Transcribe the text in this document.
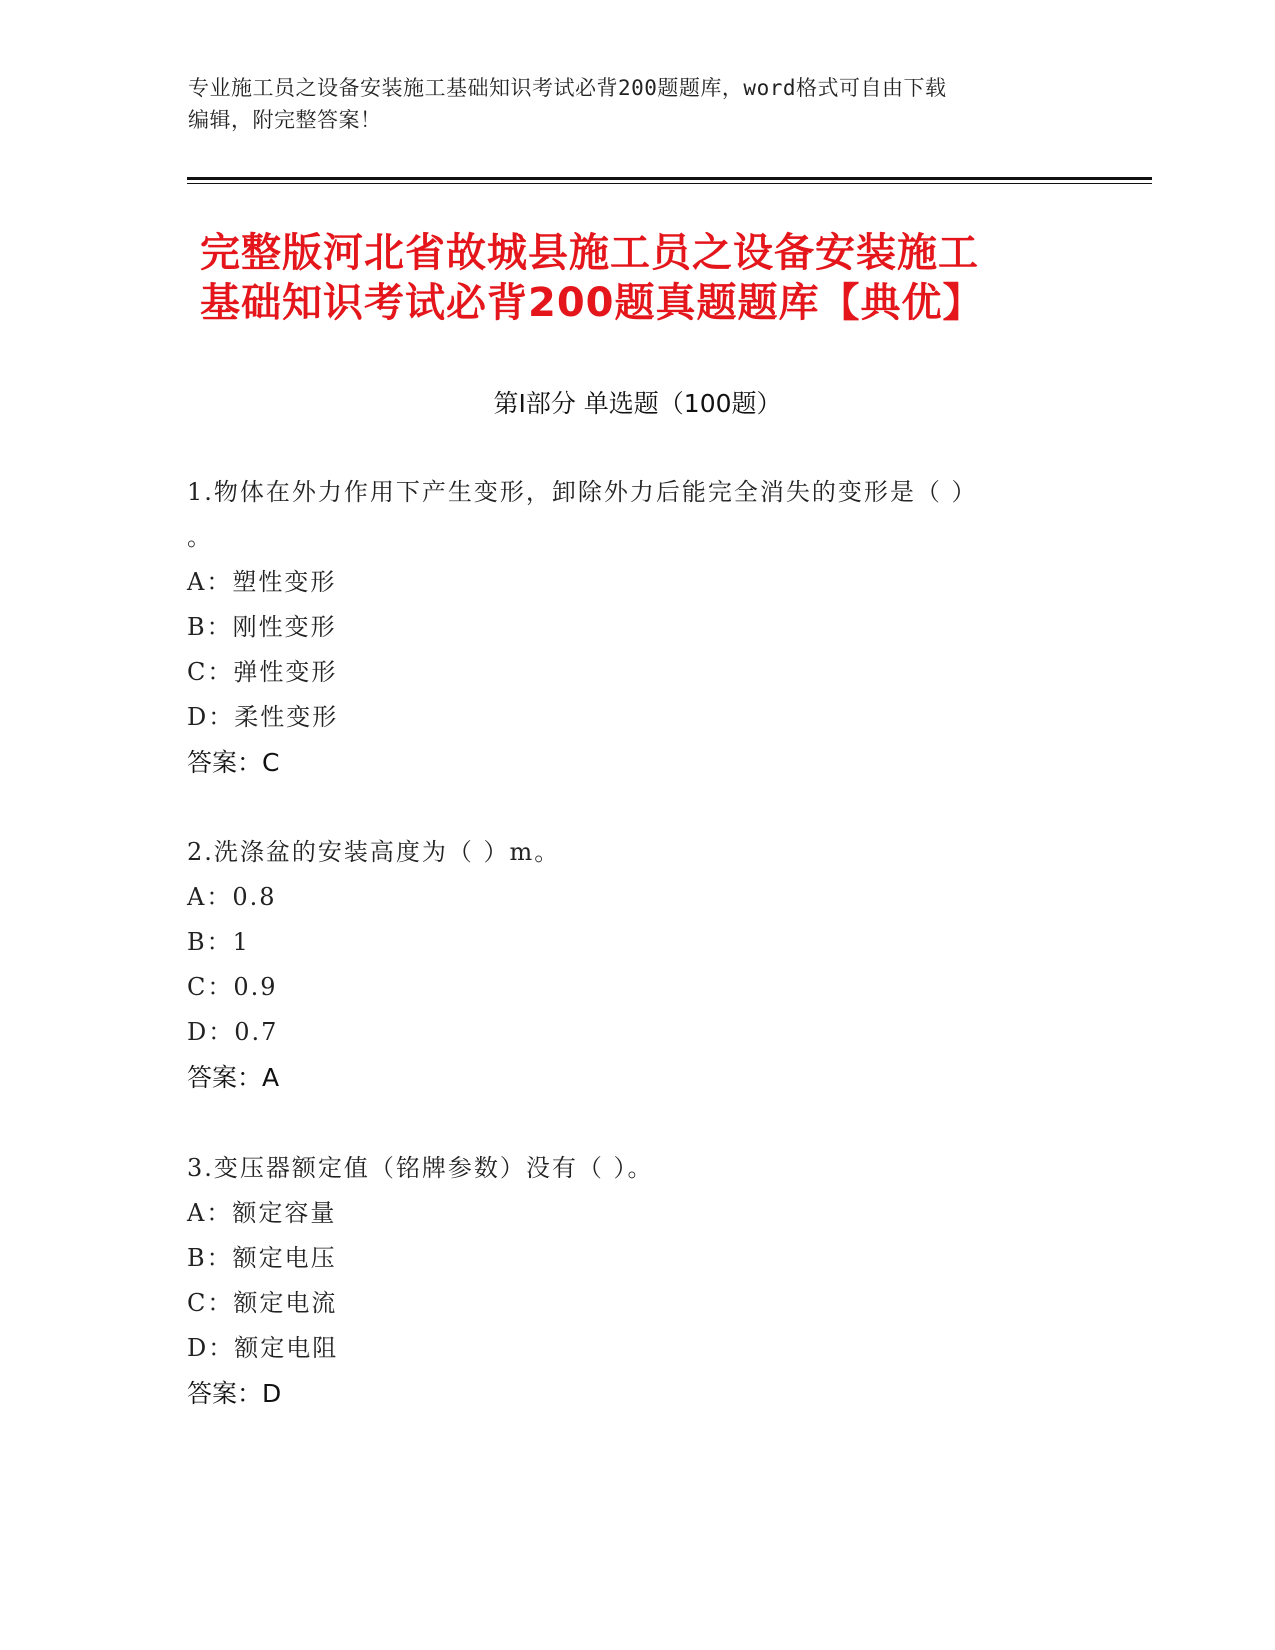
专业施工员之设备安装施工基础知识考试必背200题题库，word格式可自由下载
编辑，附完整答案！
完整版河北省故城县施工员之设备安装施工
基础知识考试必背200题真题题库【典优】
第Ⅰ部分 单选题（100题）
1.物体在外力作用下产生变形，卸除外力后能完全消失的变形是（ ）
。
A：塑性变形
B：刚性变形
C：弹性变形
D：柔性变形
答案：C
2.洗涤盆的安装高度为（ ）m。
A：0.8
B：1
C：0.9
D：0.7
答案：A
3.变压器额定值（铭牌参数）没有（ ）。
A：额定容量
B：额定电压
C：额定电流
D：额定电阻
答案：D
